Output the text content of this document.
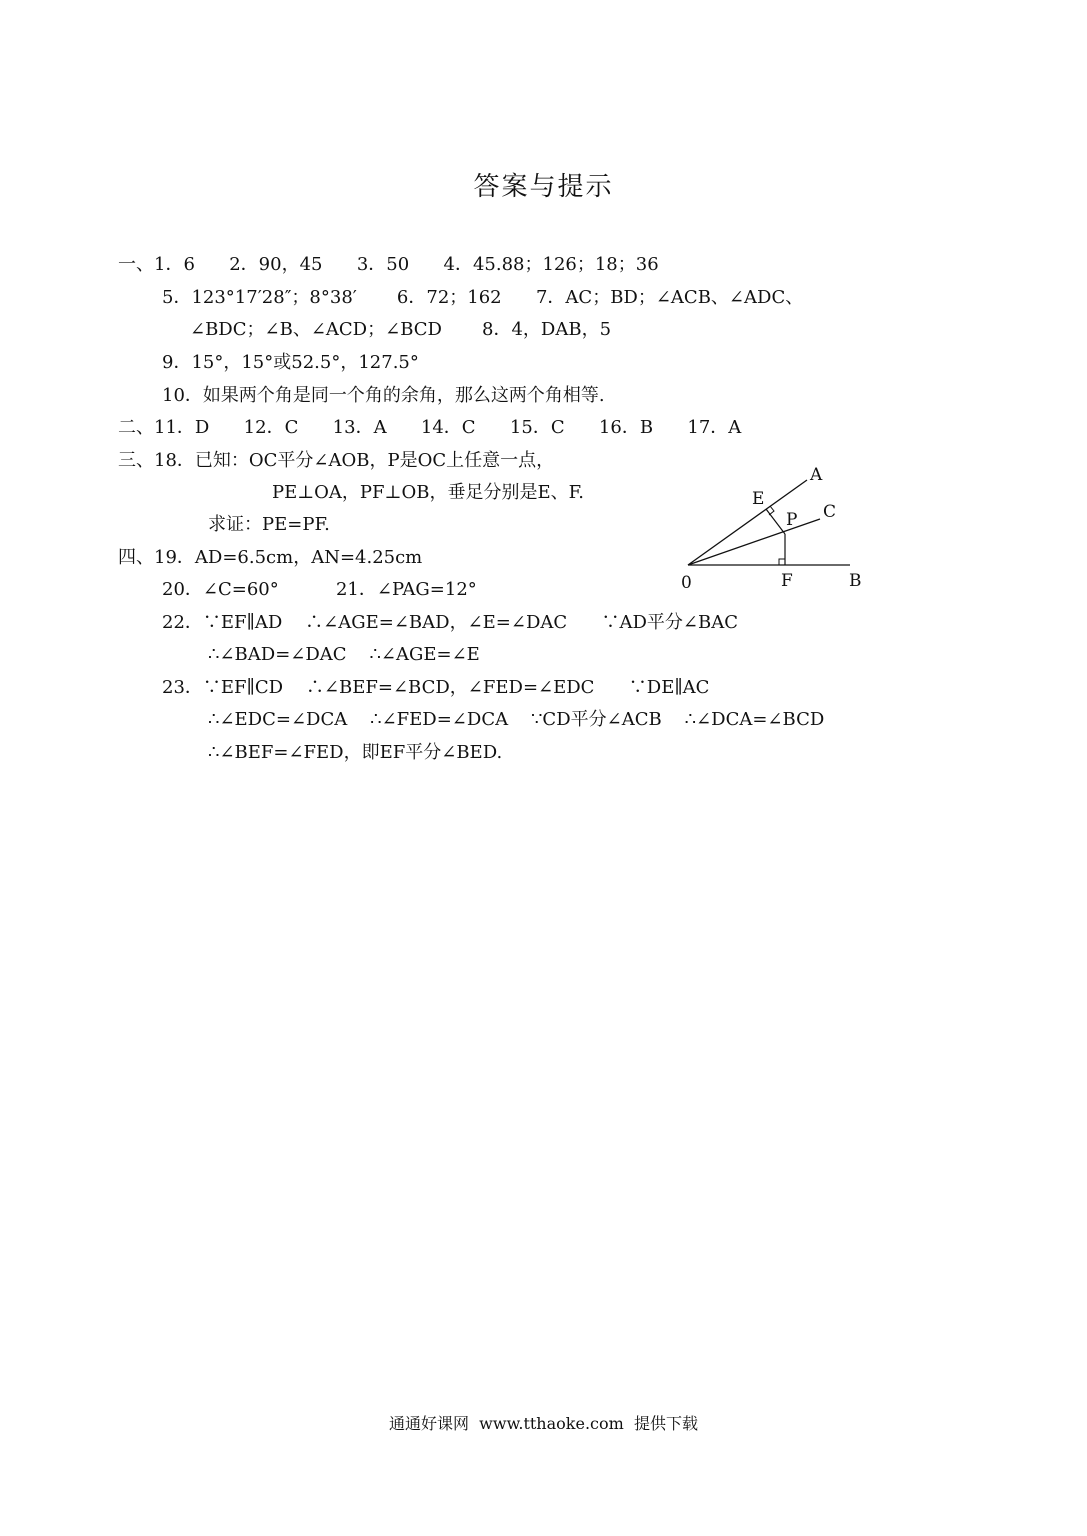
答案与提示
一、1．6      2．90，45      3．50      4．45.88；126；18；36
5．123°17′28″；8°38′       6．72；162      7．AC；BD；∠ACB、∠ADC、
∠BDC；∠B、∠ACD；∠BCD       8．4，DAB，5
9．15°，15°或52.5°，127.5°
10．如果两个角是同一个角的余角，那么这两个角相等.
二、11．D      12．C      13．A      14．C      15．C      16．B      17．A
三、18．已知：OC平分∠AOB，P是OC上任意一点，
PE⊥OA，PF⊥OB，垂足分别是E、F.
求证：PE=PF.
四、19．AD=6.5cm，AN=4.25cm
20．∠C=60°          21．∠PAG=12°
22．∵EF∥AD    ∴∠AGE=∠BAD，∠E=∠DAC      ∵AD平分∠BAC
∴∠BAD=∠DAC    ∴∠AGE=∠E
23．∵EF∥CD    ∴∠BEF=∠BCD，∠FED=∠EDC      ∵DE∥AC
∴∠EDC=∠DCA    ∴∠FED=∠DCA    ∵CD平分∠ACB    ∴∠DCA=∠BCD
∴∠BEF=∠FED，即EF平分∠BED.
0
A
C
E
P
F	B
通通好课网  www.tthaoke.com  提供下载
